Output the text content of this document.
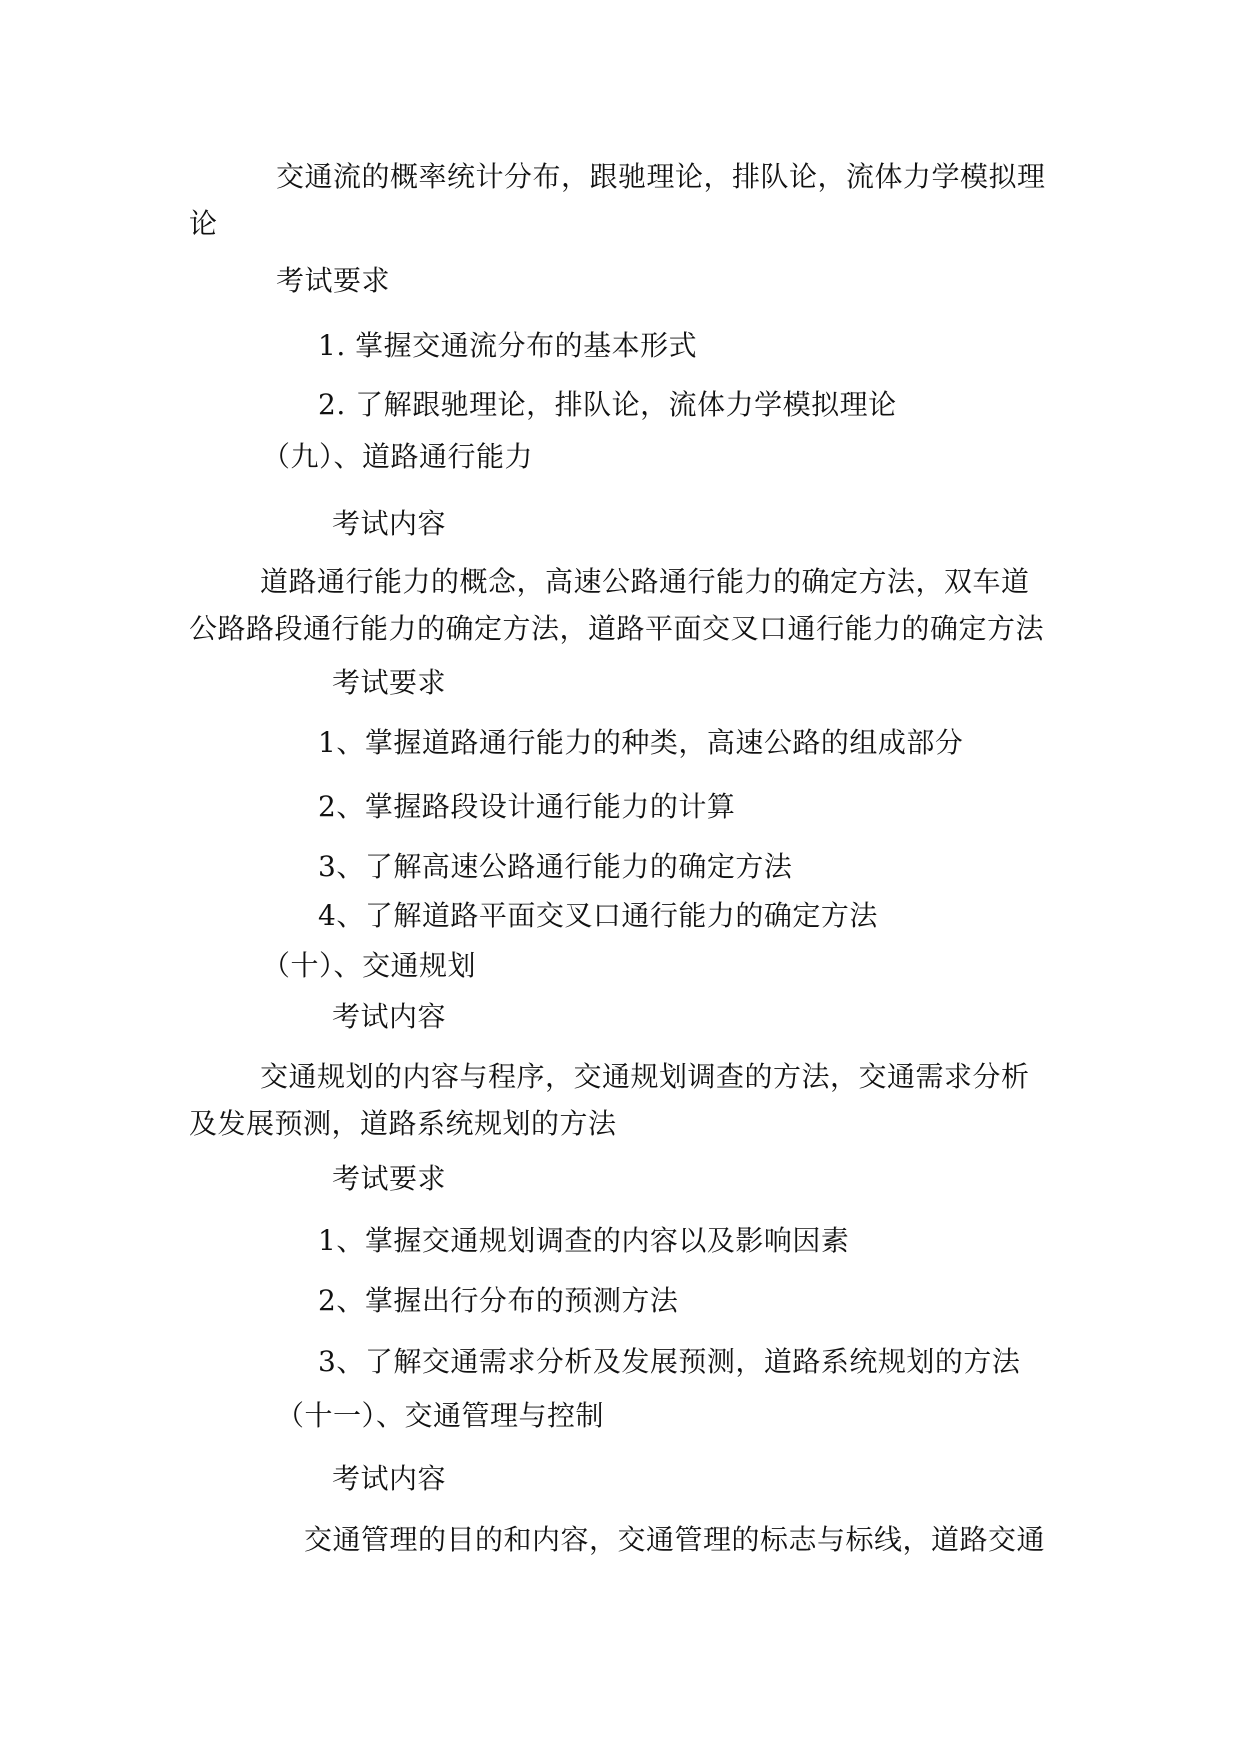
交通流的概率统计分布，跟驰理论，排队论，流体力学模拟理
论
考试要求
1. 掌握交通流分布的基本形式
2. 了解跟驰理论，排队论，流体力学模拟理论
（九）、道路通行能力
考试内容
道路通行能力的概念，高速公路通行能力的确定方法，双车道
公路路段通行能力的确定方法，道路平面交叉口通行能力的确定方法
考试要求
1、掌握道路通行能力的种类，高速公路的组成部分
2、掌握路段设计通行能力的计算
3、了解高速公路通行能力的确定方法
4、了解道路平面交叉口通行能力的确定方法
（十）、交通规划
考试内容
交通规划的内容与程序，交通规划调查的方法，交通需求分析
及发展预测，道路系统规划的方法
考试要求
1、掌握交通规划调查的内容以及影响因素
2、掌握出行分布的预测方法
3、了解交通需求分析及发展预测，道路系统规划的方法
（十一）、交通管理与控制
考试内容
交通管理的目的和内容，交通管理的标志与标线，道路交通
